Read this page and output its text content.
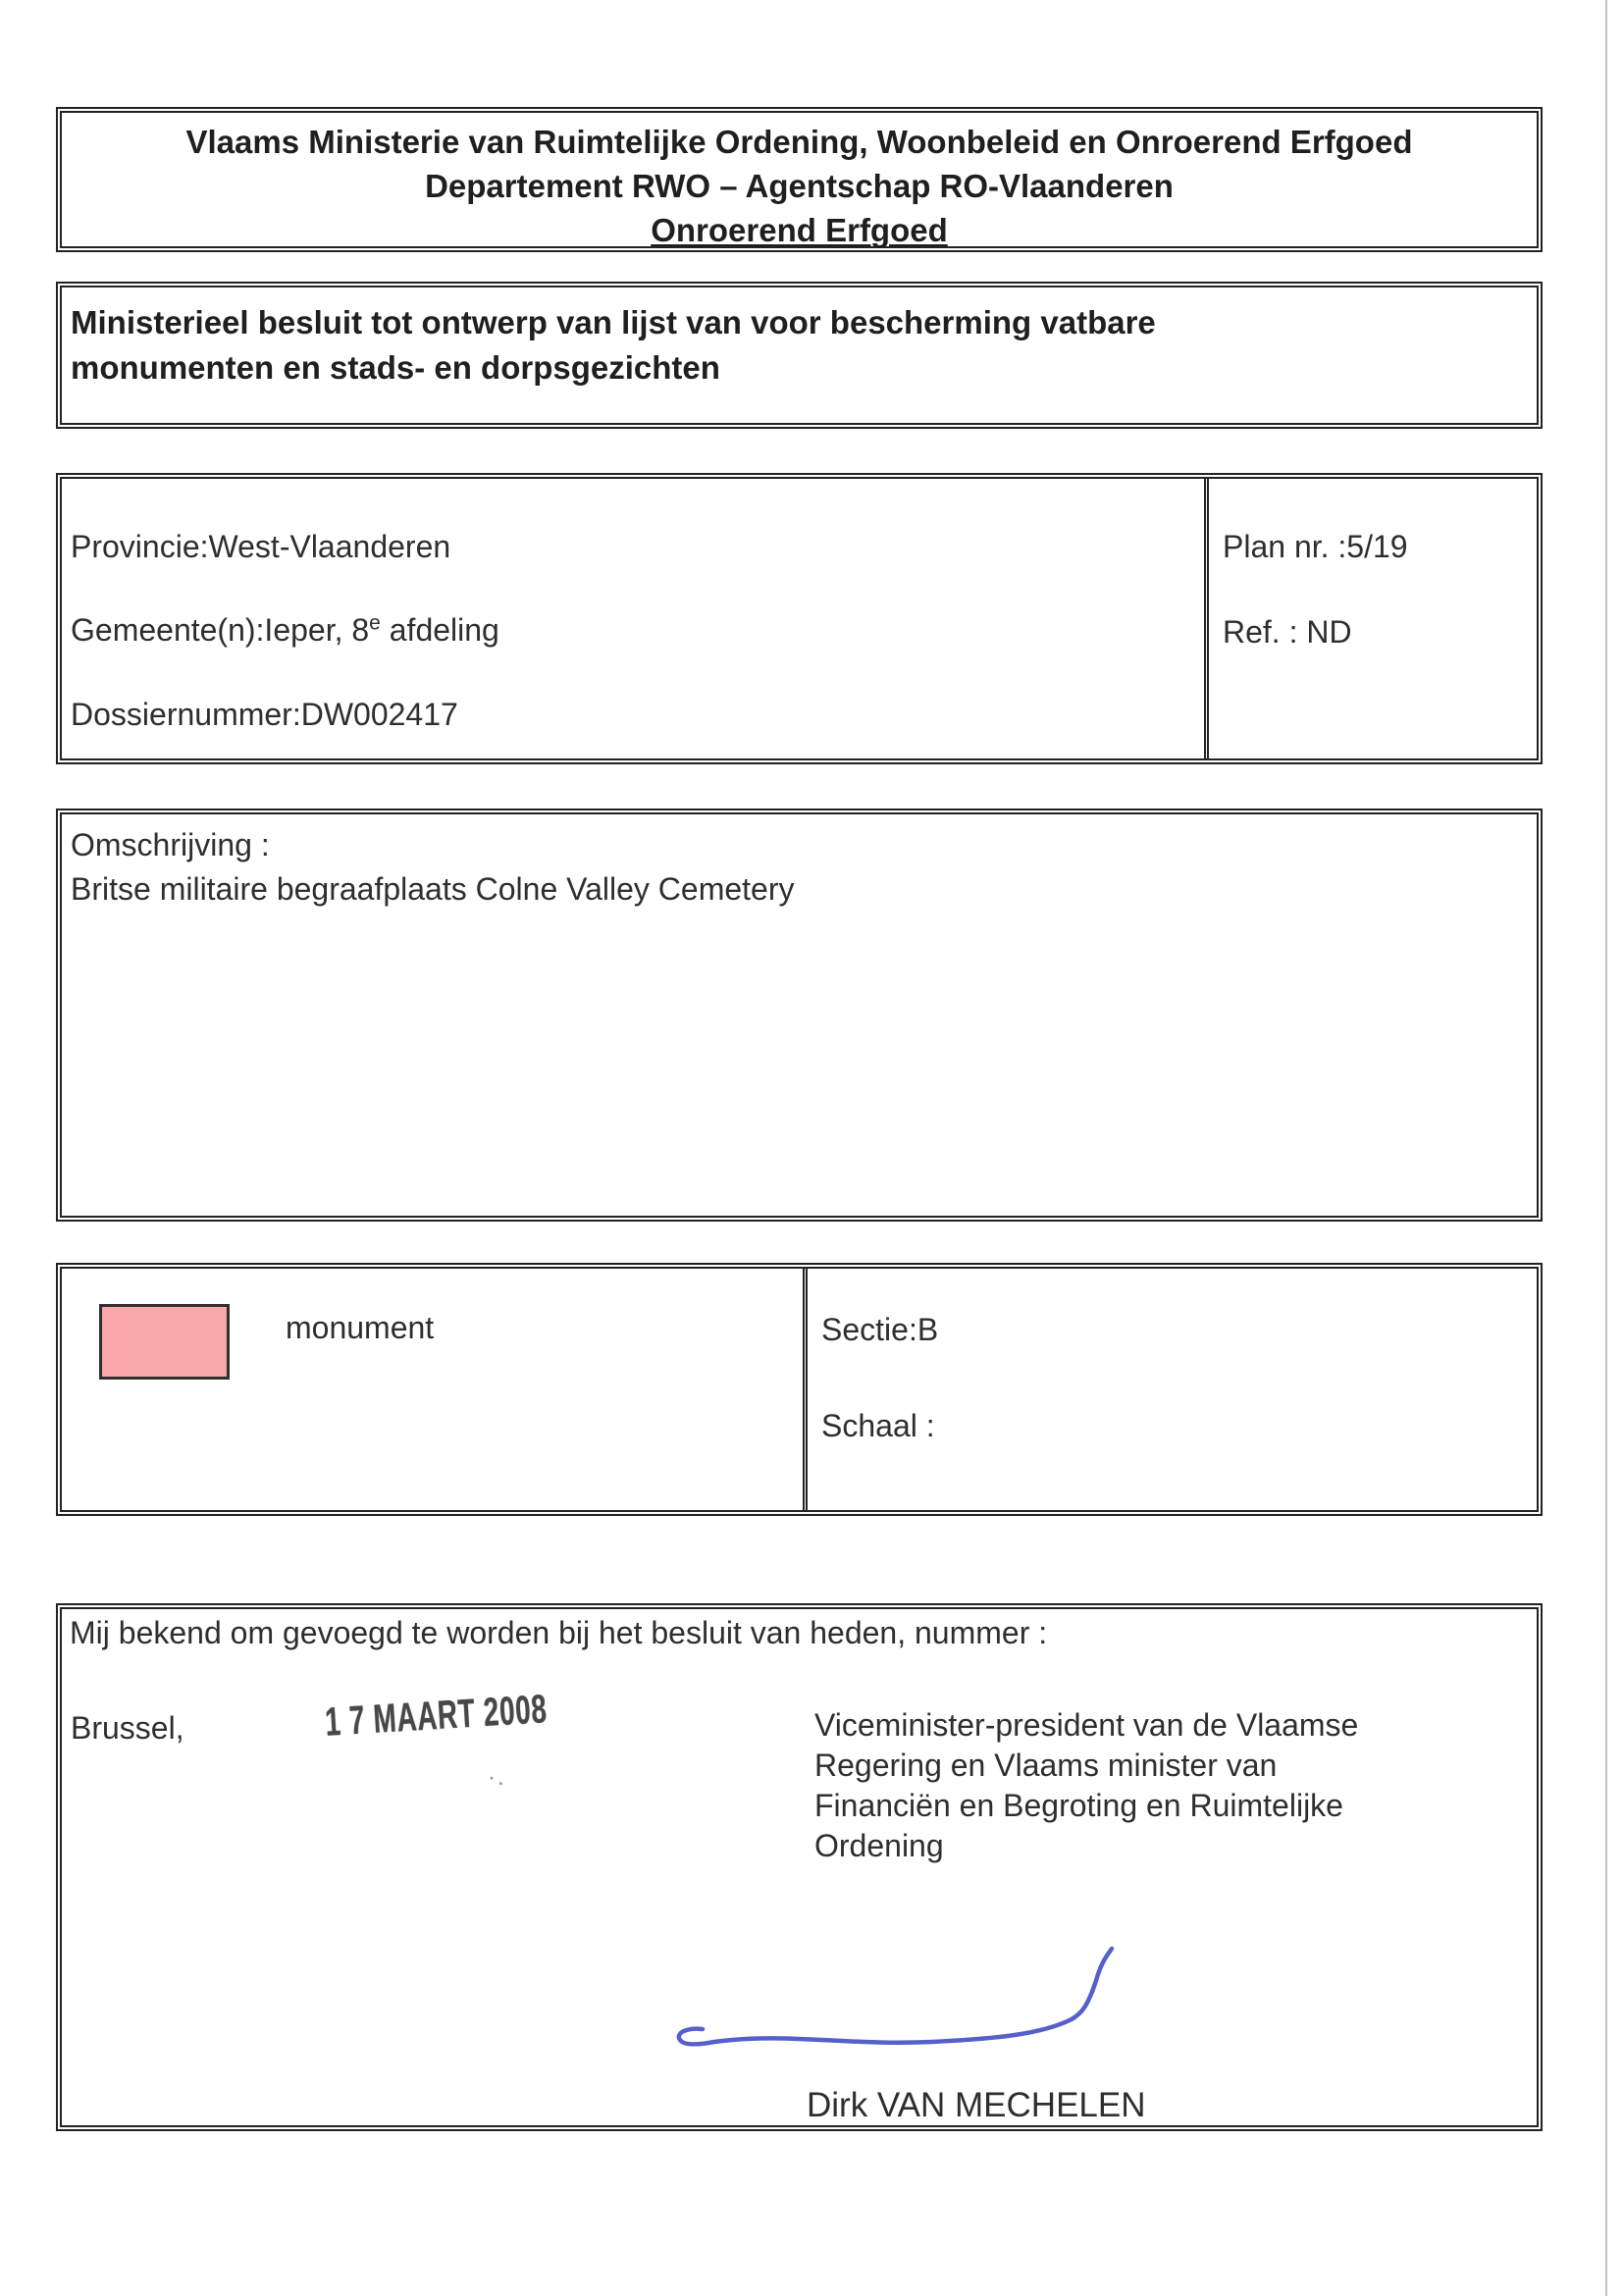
Vlaams Ministerie van Ruimtelijke Ordening, Woonbeleid en Onroerend Erfgoed
Departement RWO – Agentschap RO-Vlaanderen
Onroerend Erfgoed
Ministerieel besluit tot ontwerp van lijst van voor bescherming vatbare
monumenten en stads- en dorpsgezichten
Provincie:West-Vlaanderen
Gemeente(n):Ieper, 8e afdeling
Dossiernummer:DW002417
Plan nr. :5/19
Ref. : ND
Omschrijving :
Britse militaire begraafplaats Colne Valley Cemetery
monument	Sectie:B
Schaal :
Mij bekend om gevoegd te worden bij het besluit van heden, nummer :
Brussel,	1 7 MAART 2008
·.
Viceminister-president van de Vlaamse
Regering en Vlaams minister van
Financiën en Begroting en Ruimtelijke
Ordening
Dirk VAN MECHELEN
